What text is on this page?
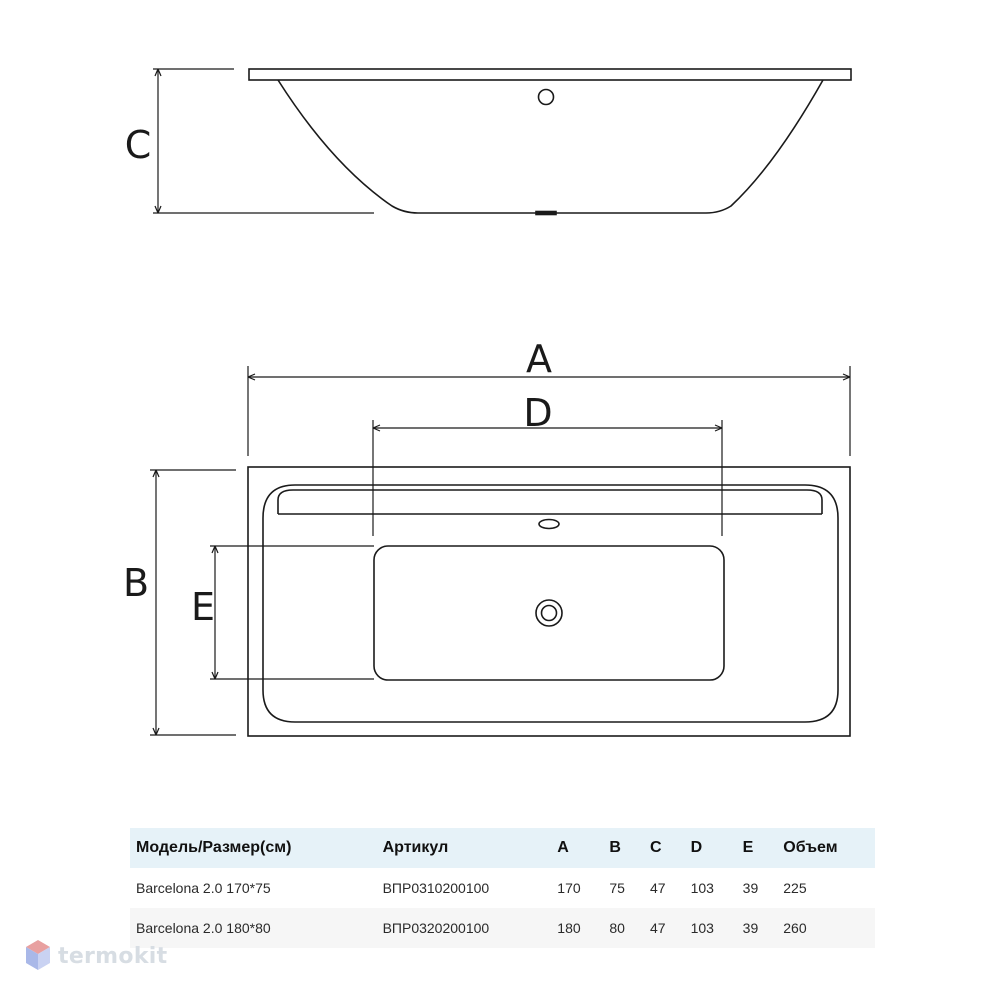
C
A
D
B
E
Модель/Размер(см)	Артикул	A	B	C	D	E	Объем
Barcelona 2.0 170*75	ВПР0310200100	170	75	47	103	39	225
Barcelona 2.0 180*80	ВПР0320200100	180	80	47	103	39	260
termokit
